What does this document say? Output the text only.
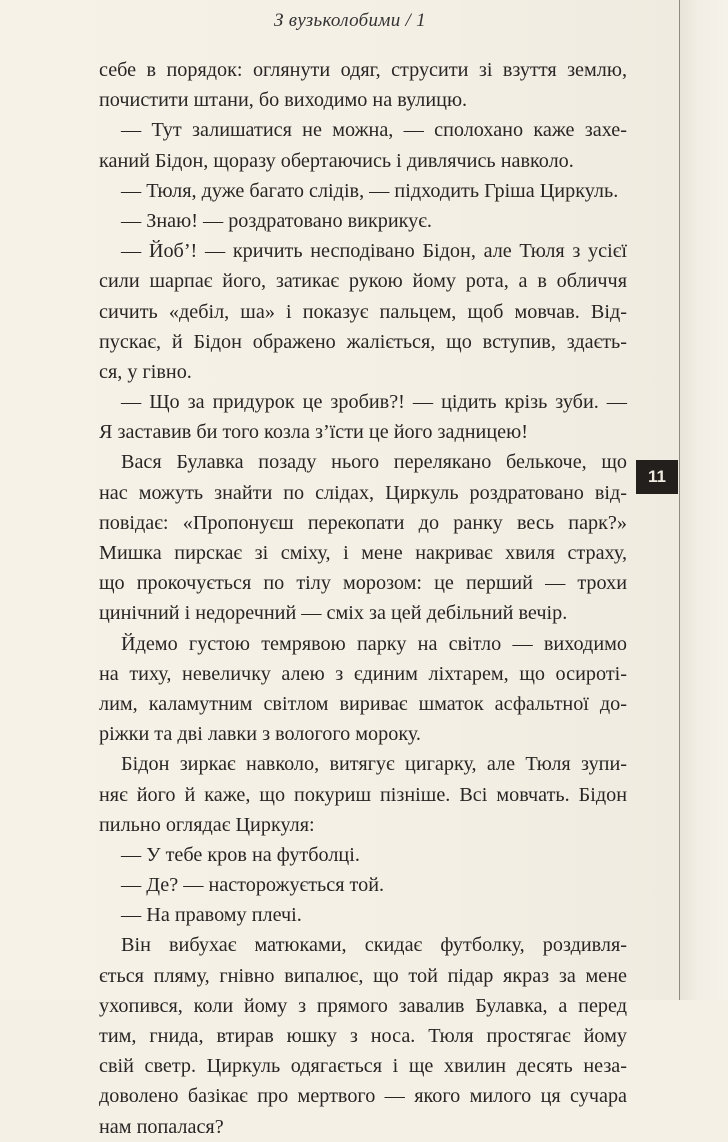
З вузьколобими / 1
себе в порядок: оглянути одяг, струсити зі взуття землю,
почистити штани, бо виходимо на вулицю.
— Тут залишатися не можна, — сполохано каже захе-
каний Бідон, щоразу обертаючись і дивлячись навколо.
— Тюля, дуже багато слідів, — підходить Гріша Циркуль.
— Знаю! — роздратовано викрикує.
— Йоб’! — кричить несподівано Бідон, але Тюля з усієї
сили шарпає його, затикає рукою йому рота, а в обличчя
сичить «дебіл, ша» і показує пальцем, щоб мовчав. Від-
пускає, й Бідон ображено жаліється, що вступив, здаєть-
ся, у гівно.
— Що за придурок це зробив?! — цідить крізь зуби. —
Я заставив би того козла з’їсти це його задницею!
Вася Булавка позаду нього перелякано белькоче, що
нас можуть знайти по слідах, Циркуль роздратовано від-
повідає: «Пропонуєш перекопати до ранку весь парк?»
Мишка пирскає зі сміху, і мене накриває хвиля страху,
що прокочується по тілу морозом: це перший — трохи
цинічний і недоречний — сміх за цей дебільний вечір.
Йдемо густою темрявою парку на світло — виходимо
на тиху, невеличку алею з єдиним ліхтарем, що осироті-
лим, каламутним світлом вириває шматок асфальтної до-
ріжки та дві лавки з вологого мороку.
Бідон зиркає навколо, витягує цигарку, але Тюля зупи-
няє його й каже, що покуриш пізніше. Всі мовчать. Бідон
пильно оглядає Циркуля:
— У тебе кров на футболці.
— Де? — насторожується той.
— На правому плечі.
Він вибухає матюками, скидає футболку, роздивля-
ється пляму, гнівно випалює, що той підар якраз за мене
ухопився, коли йому з прямого завалив Булавка, а перед
тим, гнида, втирав юшку з носа. Тюля простягає йому
свій светр. Циркуль одягається і ще хвилин десять неза-
доволено базікає про мертвого — якого милого ця сучара
нам попалася?
11
